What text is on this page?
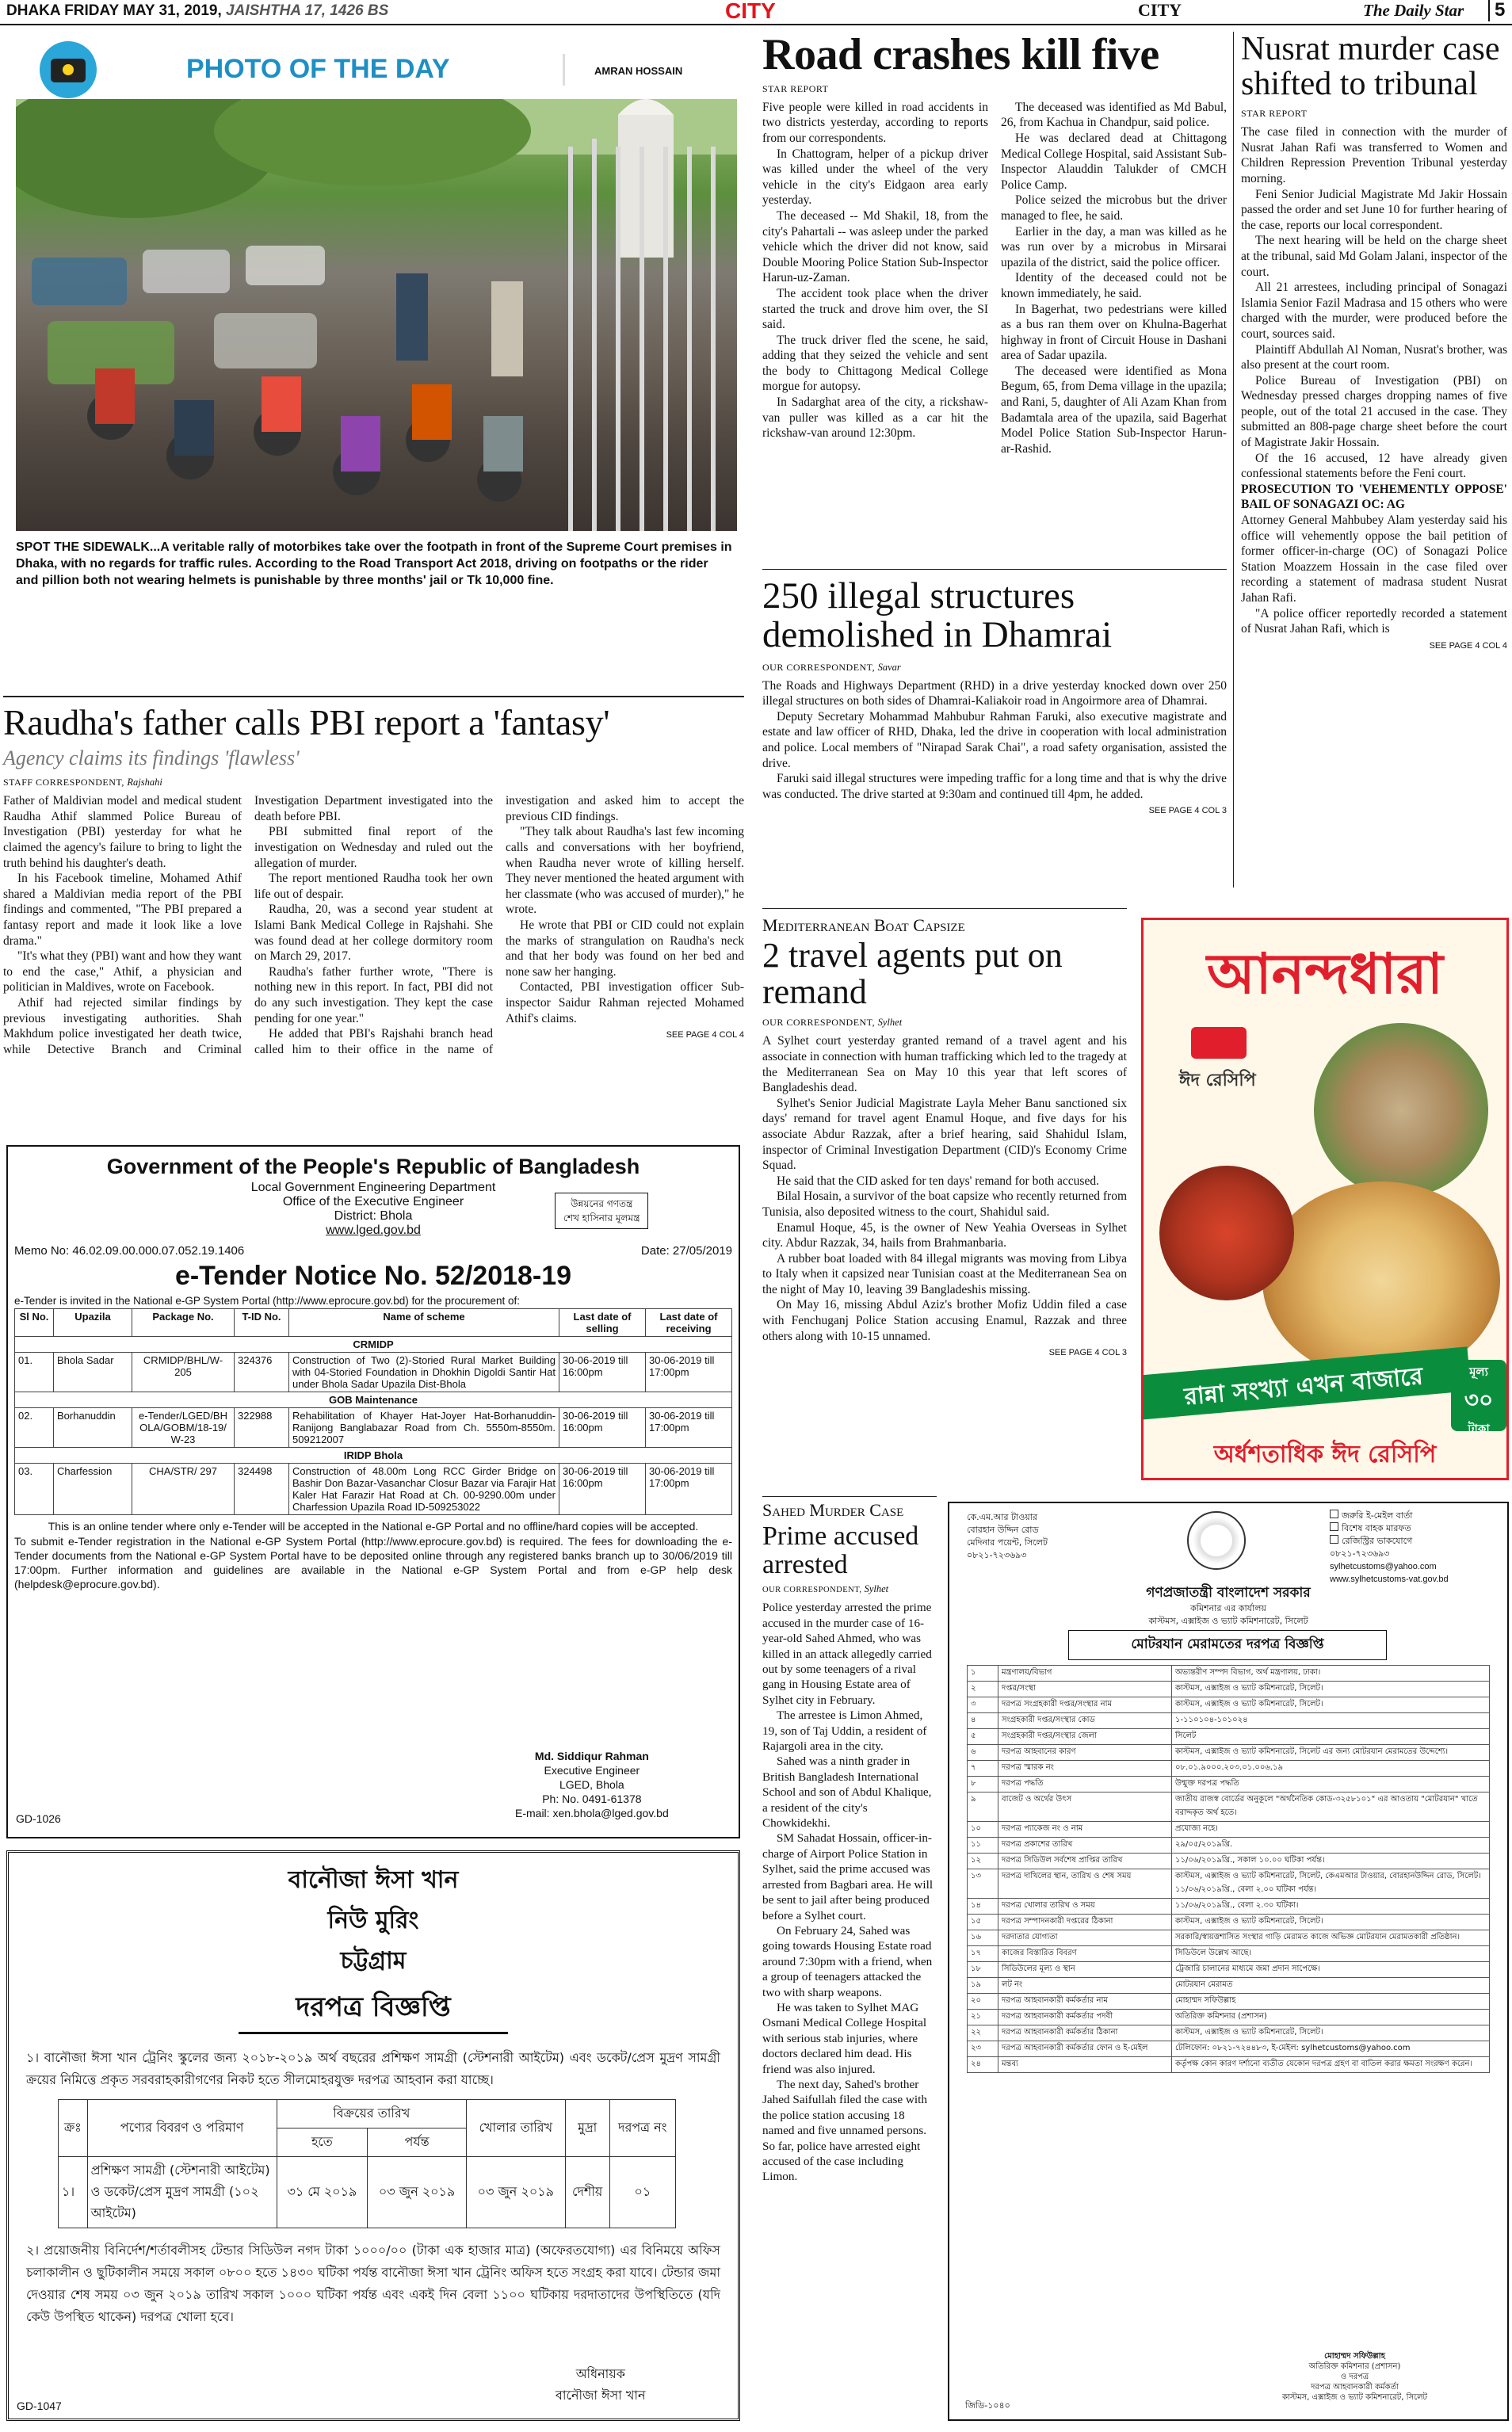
DHAKA FRIDAY MAY 31, 2019, JAISHTHA 17, 1426 BS	CITY	CITY	The Daily Star	5
PHOTO OF THE DAY	AMRAN HOSSAIN
SPOT THE SIDEWALK...A veritable rally of motorbikes take over the footpath in front of the Supreme Court premises in Dhaka, with no regards for traffic rules. According to the Road Transport Act 2018, driving on footpaths or the rider and pillion both not wearing helmets is punishable by three months' jail or Tk 10,000 fine.
Raudha's father calls PBI report a 'fantasy'
Agency claims its findings 'flawless'
STAFF CORRESPONDENT, Rajshahi

Father of Maldivian model and medical student Raudha Athif slammed Police Bureau of Investigation (PBI) yesterday for what he claimed the agency's failure to bring to light the truth behind his daughter's death.

In his Facebook timeline, Mohamed Athif shared a Maldivian media report of the PBI findings and commented, "The PBI prepared a fantasy report and made it look like a love drama."

"It's what they (PBI) want and how they want to end the case," Athif, a physician and politician in Maldives, wrote on Facebook.

Athif had rejected similar findings by previous investigating authorities. Shah Makhdum police investigated her death twice, while Detective Branch and Criminal Investigation Department investigated into the death before PBI.

PBI submitted final report of the investigation on Wednesday and ruled out the allegation of murder.

The report mentioned Raudha took her own life out of despair.

Raudha, 20, was a second year student at Islami Bank Medical College in Rajshahi. She was found dead at her college dormitory room on March 29, 2017.

Raudha's father further wrote, "There is nothing new in this report. In fact, PBI did not do any such investigation. They kept the case pending for one year."

He added that PBI's Rajshahi branch head called him to their office in the name of investigation and asked him to accept the previous CID findings.

"They talk about Raudha's last few incoming calls and conversations with her boyfriend, when Raudha never wrote of killing herself. They never mentioned the heated argument with her classmate (who was accused of murder)," he wrote.

He wrote that PBI or CID could not explain the marks of strangulation on Raudha's neck and that her body was found on her bed and none saw her hanging.

Contacted, PBI investigation officer Sub-inspector Saidur Rahman rejected Mohamed Athif's claims.

SEE PAGE 4 COL 4
Government of the People's Republic of Bangladesh
Local Government Engineering Department
Office of the Executive Engineer
District: Bhola
www.lged.gov.bd
উন্নয়নের গণতন্ত্র
শেখ হাসিনার মূলমন্ত্র
Memo No: 46.02.09.00.000.07.052.19.1406	Date: 27/05/2019
e-Tender Notice No. 52/2018-19
e-Tender is invited in the National e-GP System Portal (http://www.eprocure.gov.bd) for the procurement of:
Sl No.	Upazila	Package No.	T-ID No.	Name of scheme	Last date of selling	Last date of receiving
CRMIDP						
01.	Bhola Sadar	CRMIDP/BHL/W-205	324376	Construction of Two (2)-Storied Rural Market Building with 04-Storied Foundation in Dhokhin Digoldi Santir Hat under Bhola Sadar Upazila Dist-Bhola	30-06-2019 till 16:00pm	30-06-2019 till 17:00pm
GOB Maintenance						
02.	Borhanuddin	e-Tender/LGED/BHOLA/GOBM/18-19/W-23	322988	Rehabilitation of Khayer Hat-Joyer Hat-Borhanuddin-Ranijong Banglabazar Road from Ch. 5550m-8550m. 509212007	30-06-2019 till 16:00pm	30-06-2019 till 17:00pm
IRIDP Bhola						
03.	Charfession	CHA/STR/ 297	324498	Construction of 48.00m Long RCC Girder Bridge on Bashir Don Bazar-Vasanchar Closur Bazar via Farajir Hat Kaler Hat Farazir Hat Road at Ch. 00-9290.00m under Charfession Upazila Road ID-509253022	30-06-2019 till 16:00pm	30-06-2019 till 17:00pm
This is an online tender where only e-Tender will be accepted in the National e-GP Portal and no offline/hard copies will be accepted.
To submit e-Tender registration in the National e-GP System Portal (http://www.eprocure.gov.bd) is required. The fees for downloading the e-Tender documents from the National e-GP System Portal have to be deposited online through any registered banks branch up to 30/06/2019 till 17:00pm. Further information and guidelines are available in the National e-GP System Portal and from e-GP help desk (helpdesk@eprocure.gov.bd).
Md. Siddiqur Rahman
Executive Engineer
LGED, Bhola
Ph: No. 0491-61378
E-mail: xen.bhola@lged.gov.bd
GD-1026
বানৌজা ঈসা খান
নিউ মুরিং
চট্টগ্রাম
দরপত্র বিজ্ঞপ্তি
১। বানৌজা ঈসা খান ট্রেনিং স্কুলের জন্য ২০১৮-২০১৯ অর্থ বছরের প্রশিক্ষণ সামগ্রী (স্টেশনারী আইটেম) এবং ডকেট/প্রেস মুদ্রণ সামগ্রী ক্রয়ের নিমিত্তে প্রকৃত সরবরাহকারীগণের নিকট হতে সীলমোহরযুক্ত দরপত্র আহবান করা যাচ্ছে।
ক্রঃ	পণ্যের বিবরণ ও পরিমাণ	বিক্রয়ের তারিখ		খোলার তারিখ	মুদ্রা	দরপত্র নং
		হতে	পর্যন্ত			
১।	প্রশিক্ষণ সামগ্রী (স্টেশনারী আইটেম) ও ডকেট/প্রেস মুদ্রণ সামগ্রী (১০২ আইটেম)	৩১ মে ২০১৯	০৩ জুন ২০১৯	০৩ জুন ২০১৯	দেশীয়	০১
২। প্রয়োজনীয় বিনির্দেশ/শর্তাবলীসহ টেন্ডার সিডিউল নগদ টাকা ১০০০/০০ (টাকা এক হাজার মাত্র) (অফেরতযোগ্য) এর বিনিময়ে অফিস চলাকালীন ও ছুটিকালীন সময়ে সকাল ০৮০০ হতে ১৪৩০ ঘটিকা পর্যন্ত বানৌজা ঈসা খান ট্রেনিং অফিস হতে সংগ্রহ করা যাবে। টেন্ডার জমা দেওয়ার শেষ সময় ০৩ জুন ২০১৯ তারিখ সকাল ১০০০ ঘটিকা পর্যন্ত এবং একই দিন বেলা ১১০০ ঘটিকায় দরদাতাদের উপস্থিতিতে (যদি কেউ উপস্থিত থাকেন) দরপত্র খোলা হবে।
অধিনায়ক
বানৌজা ঈসা খান
GD-1047
Road crashes kill five
STAR REPORT

Five people were killed in road accidents in two districts yesterday, according to reports from our correspondents.

In Chattogram, helper of a pickup driver was killed under the wheel of the very vehicle in the city's Eidgaon area early yesterday.

The deceased -- Md Shakil, 18, from the city's Pahartali -- was asleep under the parked vehicle which the driver did not know, said Double Mooring Police Station Sub-Inspector Harun-uz-Zaman.

The accident took place when the driver started the truck and drove him over, the SI said.

The truck driver fled the scene, he said, adding that they seized the vehicle and sent the body to Chittagong Medical College morgue for autopsy.

In Sadarghat area of the city, a rickshaw-van puller was killed as a car hit the rickshaw-van around 12:30pm.

The deceased was identified as Md Babul, 26, from Kachua in Chandpur, said police.

He was declared dead at Chittagong Medical College Hospital, said Assistant Sub-Inspector Alauddin Talukder of CMCH Police Camp.

Police seized the microbus but the driver managed to flee, he said.

Earlier in the day, a man was killed as he was run over by a microbus in Mirsarai upazila of the district, said the police officer.

Identity of the deceased could not be known immediately, he said.

In Bagerhat, two pedestrians were killed as a bus ran them over on Khulna-Bagerhat highway in front of Circuit House in Dashani area of Sadar upazila.

The deceased were identified as Mona Begum, 65, from Dema village in the upazila; and Rani, 5, daughter of Ali Azam Khan from Badamtala area of the upazila, said Bagerhat Model Police Station Sub-Inspector Harun-ar-Rashid.

Nusrat murder case shifted to tribunal
STAR REPORT

The case filed in connection with the murder of Nusrat Jahan Rafi was transferred to Women and Children Repression Prevention Tribunal yesterday morning.

Feni Senior Judicial Magistrate Md Jakir Hossain passed the order and set June 10 for further hearing of the case, reports our local correspondent.

The next hearing will be held on the charge sheet at the tribunal, said Md Golam Jalani, inspector of the court.

All 21 arrestees, including principal of Sonagazi Islamia Senior Fazil Madrasa and 15 others who were charged with the murder, were produced before the court, sources said.

Plaintiff Abdullah Al Noman, Nusrat's brother, was also present at the court room.

Police Bureau of Investigation (PBI) on Wednesday pressed charges dropping names of five people, out of the total 21 accused in the case. They submitted an 808-page charge sheet before the court of Magistrate Jakir Hossain.

Of the 16 accused, 12 have already given confessional statements before the Feni court.

PROSECUTION TO 'VEHEMENTLY OPPOSE' BAIL OF SONAGAZI OC: AG

Attorney General Mahbubey Alam yesterday said his office will vehemently oppose the bail petition of former officer-in-charge (OC) of Sonagazi Police Station Moazzem Hossain in the case filed over recording a statement of madrasa student Nusrat Jahan Rafi.

"A police officer reportedly recorded a statement of Nusrat Jahan Rafi, which is

SEE PAGE 4 COL 4
250 illegal structures demolished in Dhamrai
OUR CORRESPONDENT, Savar

The Roads and Highways Department (RHD) in a drive yesterday knocked down over 250 illegal structures on both sides of Dhamrai-Kaliakoir road in Angoirmore area of Dhamrai.

Deputy Secretary Mohammad Mahbubur Rahman Faruki, also executive magistrate and estate and law officer of RHD, Dhaka, led the drive in cooperation with local administration and police. Local members of "Nirapad Sarak Chai", a road safety organisation, assisted the drive.

Faruki said illegal structures were impeding traffic for a long time and that is why the drive was conducted. The drive started at 9:30am and continued till 4pm, he added.

SEE PAGE 4 COL 3
Mediterranean Boat Capsize
2 travel agents put on remand
OUR CORRESPONDENT, Sylhet

A Sylhet court yesterday granted remand of a travel agent and his associate in connection with human trafficking which led to the tragedy at the Mediterranean Sea on May 10 this year that left scores of Bangladeshis dead.

Sylhet's Senior Judicial Magistrate Layla Meher Banu sanctioned six days' remand for travel agent Enamul Hoque, and five days for his associate Abdur Razzak, after a brief hearing, said Shahidul Islam, inspector of Criminal Investigation Department (CID)'s Economy Crime Squad.

He said that the CID asked for ten days' remand for both accused.

Bilal Hosain, a survivor of the boat capsize who recently returned from Tunisia, also deposited witness to the court, Shahidul said.

Enamul Hoque, 45, is the owner of New Yeahia Overseas in Sylhet city. Abdur Razzak, 34, hails from Brahmanbaria.

A rubber boat loaded with 84 illegal migrants was moving from Libya to Italy when it capsized near Tunisian coast at the Mediterranean Sea on the night of May 10, leaving 39 Bangladeshis missing.

On May 16, missing Abdul Aziz's brother Mofiz Uddin filed a case with Fenchuganj Police Station accusing Enamul, Razzak and three others along with 10-15 unnamed.

SEE PAGE 4 COL 3
আনন্দধারা
ঈদ রেসিপি
রান্না সংখ্যা এখন বাজারে	মূল্য
৩০
টাকা
অর্ধশতাধিক ঈদ রেসিপি
Sahed Murder Case
Prime accused arrested
OUR CORRESPONDENT, Sylhet

Police yesterday arrested the prime accused in the murder case of 16-year-old Sahed Ahmed, who was killed in an attack allegedly carried out by some teenagers of a rival gang in Housing Estate area of Sylhet city in February.

The arrestee is Limon Ahmed, 19, son of Taj Uddin, a resident of Rajargoli area in the city.

Sahed was a ninth grader in British Bangladesh International School and son of Abdul Khalique, a resident of the city's Chowkidekhi.

SM Sahadat Hossain, officer-in-charge of Airport Police Station in Sylhet, said the prime accused was arrested from Bagbari area. He will be sent to jail after being produced before a Sylhet court.

On February 24, Sahed was going towards Housing Estate road around 7:30pm with a friend, when a group of teenagers attacked the two with sharp weapons.

He was taken to Sylhet MAG Osmani Medical College Hospital with serious stab injuries, where doctors declared him dead. His friend was also injured.

The next day, Sahed's brother Jahed Saifullah filed the case with the police station accusing 18 named and five unnamed persons. So far, police have arrested eight accused of the case including Limon.

কে.এম.আর টাওয়ার
বোরহান উদ্দিন রোড
মেদিনার পয়েন্ট, সিলেট
০৮২১-৭২৩৬৯৩
জরুরি ই-মেইল বার্তা
বিশেষ বাহক মারফত
রেজিস্ট্রির ভাকযোগে
০৮২১-৭২৩৬৯৩
sylhetcustoms@yahoo.com
www.sylhetcustoms-vat.gov.bd
গণপ্রজাতন্ত্রী বাংলাদেশ সরকার
কমিশনার এর কার্যালয়
কাস্টমস, এক্সাইজ ও ভ্যাট কমিশনারেট, সিলেট
মোটরযান মেরামতের দরপত্র বিজ্ঞপ্তি
১	মন্ত্রণালয়/বিভাগ	অভ্যন্তরীণ সম্পদ বিভাগ, অর্থ মন্ত্রণালয়, ঢাকা।
২	দপ্তর/সংস্থা	কাস্টমস, এক্সাইজ ও ভ্যাট কমিশনারেট, সিলেট।
৩	দরপত্র সংগ্রহকারী দপ্তর/সংস্থার নাম	কাস্টমস, এক্সাইজ ও ভ্যাট কমিশনারেট, সিলেট।
৪	সংগ্রহকারী দপ্তর/সংস্থার কোড	১-১১০১০৪-১০১০২৪
৫	সংগ্রহকারী দপ্তর/সংস্থার জেলা	সিলেট
৬	দরপত্র আহবানের কারণ	কাস্টমস, এক্সাইজ ও ভ্যাট কমিশনারেট, সিলেট এর জন্য মোটরযান মেরামতের উদ্দেশ্যে।
৭	দরপত্র স্মারক নং	০৮.০১.৯০০০.২০৩.০১.০০৬.১৯
৮	দরপত্র পদ্ধতি	উন্মুক্ত দরপত্র পদ্ধতি
৯	বাজেট ও অর্থের উৎস	জাতীয় রাজস্ব বোর্ডের অনুকূলে "অর্থনৈতিক কোড-৩২৫৮১০১" এর আওতায় "মোটরযান" খাতে বরাদ্দকৃত অর্থ হতে।
১০	দরপত্র প্যাকেজ নং ও নাম	প্রযোজ্য নহে।
১১	দরপত্র প্রকাশের তারিখ	২৯/০৫/২০১৯খ্রি.
১২	দরপত্র সিডিউল সর্বশেষ প্রাপ্তির তারিখ	১১/০৬/২০১৯খ্রি., সকাল ১০.০০ ঘটিকা পর্যন্ত।
১৩	দরপত্র দাখিলের স্থান, তারিখ ও শেষ সময়	কাস্টমস, এক্সাইজ ও ভ্যাট কমিশনারেট, সিলেট, কেএমআর টাওয়ার, বোরহানউদ্দিন রোড, সিলেট। ১১/০৬/২০১৯খ্রি., বেলা ২.০০ ঘটিকা পর্যন্ত।
১৪	দরপত্র খোলার তারিখ ও সময়	১১/০৬/২০১৯খ্রি., বেলা ২.৩০ ঘটিকা।
১৫	দরপত্র সম্পাদনকারী দপ্তরের ঠিকানা	কাস্টমস, এক্সাইজ ও ভ্যাট কমিশনারেট, সিলেট।
১৬	দরদাতার যোগ্যতা	সরকারি/স্বায়ত্তশাসিত সংস্থার গাড়ি মেরামত কাজে অভিজ্ঞ মোটরযান মেরামতকারী প্রতিষ্ঠান।
১৭	কাজের বিস্তারিত বিবরণ	সিডিউলে উল্লেখ আছে।
১৮	সিডিউলের মূল্য ও স্থান	ট্রেজারি চালানের মাধ্যমে জমা প্রদান সাপেক্ষে।
১৯	লট নং	মোটরযান মেরামত
২০	দরপত্র আহবানকারী কর্মকর্তার নাম	মোহাম্মদ সফিউল্লাহ
২১	দরপত্র আহবানকারী কর্মকর্তার পদবী	অতিরিক্ত কমিশনার (প্রশাসন)
২২	দরপত্র আহবানকারী কর্মকর্তার ঠিকানা	কাস্টমস, এক্সাইজ ও ভ্যাট কমিশনারেট, সিলেট।
২৩	দরপত্র আহবানকারী কর্মকর্তার ফোন ও ই-মেইল	টেলিফোন: ০৮২১-৭২৪৪৮৩, ই-মেইল: sylhetcustoms@yahoo.com
২৪	মন্তব্য	কর্তৃপক্ষ কোন কারণ দর্শানো ব্যতীত যেকোন দরপত্র গ্রহণ বা বাতিল করার ক্ষমতা সংরক্ষণ করেন।
মোহাম্মদ সফিউল্লাহ
অতিরিক্ত কমিশনার (প্রশাসন)
ও দরপত্র
দরপত্র আহবানকারী কর্মকর্তা
কাস্টমস, এক্সাইজ ও ভ্যাট কমিশনারেট, সিলেট
জিডি-১০৪০
